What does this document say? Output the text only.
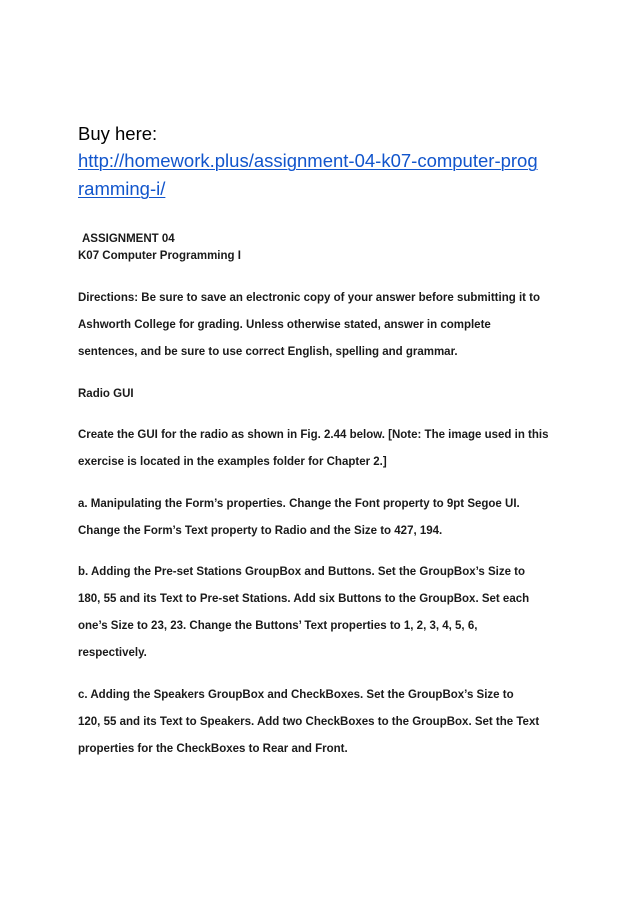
Buy here:
http://homework.plus/assignment-04-k07-computer-prog
ramming-i/
ASSIGNMENT 04
K07 Computer Programming I
Directions: Be sure to save an electronic copy of your answer before submitting it to
Ashworth College for grading. Unless otherwise stated, answer in complete
sentences, and be sure to use correct English, spelling and grammar.
Radio GUI
Create the GUI for the radio as shown in Fig. 2.44 below. [Note: The image used in this
exercise is located in the examples folder for Chapter 2.]
a. Manipulating the Form’s properties. Change the Font property to 9pt Segoe UI.
Change the Form’s Text property to Radio and the Size to 427, 194.
b. Adding the Pre-set Stations GroupBox and Buttons. Set the GroupBox’s Size to
180, 55 and its Text to Pre-set Stations. Add six Buttons to the GroupBox. Set each
one’s Size to 23, 23. Change the Buttons’ Text properties to 1, 2, 3, 4, 5, 6,
respectively.
c. Adding the Speakers GroupBox and CheckBoxes. Set the GroupBox’s Size to
120, 55 and its Text to Speakers. Add two CheckBoxes to the GroupBox. Set the Text
properties for the CheckBoxes to Rear and Front.
